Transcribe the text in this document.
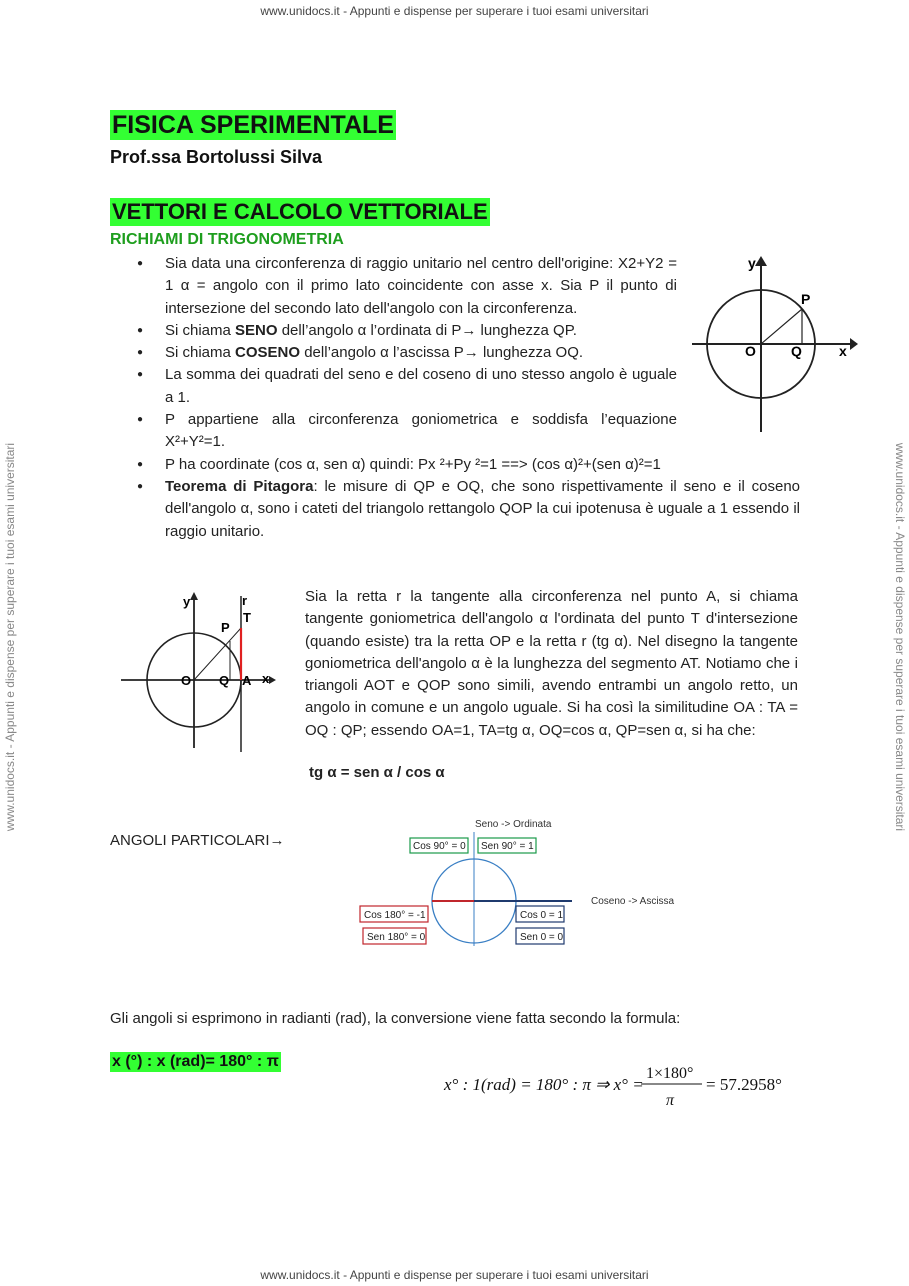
www.unidocs.it - Appunti e dispense per superare i tuoi esami universitari
www.unidocs.it - Appunti e dispense per superare i tuoi esami universitari
www.unidocs.it - Appunti e dispense per superare i tuoi esami universitari	www.unidocs.it - Appunti e dispense per superare i tuoi esami universitari
FISICA SPERIMENTALE
Prof.ssa Bortolussi Silva
VETTORI E CALCOLO VETTORIALE
RICHIAMI DI TRIGONOMETRIA
● Sia data una circonferenza di raggio unitario nel centro dell'origine: X2+Y2 = 1 α = angolo con il primo lato coincidente con asse x. Sia P il punto di intersezione del secondo lato dell'angolo con la circonferenza.
● Si chiama SENO dell’angolo α l’ordinata di P→ lunghezza QP.
● Si chiama COSENO dell’angolo α l’ascissa P→ lunghezza OQ.
● La somma dei quadrati del seno e del coseno di uno stesso angolo è uguale a 1.
● P appartiene alla circonferenza goniometrica e soddisfa l’equazione X²+Y²=1.
● P ha coordinate (cos α, sen α) quindi: Px ²+Py ²=1 ==> (cos α)²+(sen α)²=1
● Teorema di Pitagora: le misure di QP e OQ, che sono rispettivamente il seno e il coseno dell'angolo α, sono i cateti del triangolo rettangolo QOP la cui ipotenusa è uguale a 1 essendo il raggio unitario.
y
x
P
O	Q
y	r
T
P
O Q A x
Sia la retta r la tangente alla circonferenza nel punto A, si chiama tangente goniometrica dell'angolo α l'ordinata del punto T d'intersezione (quando esiste) tra la retta OP e la retta r (tg α). Nel disegno la tangente goniometrica dell'angolo α è la lunghezza del segmento AT. Notiamo che i triangoli AOT e QOP sono simili, avendo entrambi un angolo retto, un angolo in comune e un angolo uguale. Si ha così la similitudine OA : TA = OQ : QP; essendo OA=1, TA=tg α, OQ=cos α, QP=sen α, si ha che:
tg α = sen α / cos α
ANGOLI PARTICOLARI→
Seno -> Ordinata
Coseno -> Ascissa
Cos 90° = 0 Sen 90° = 1
Cos 180° = -1
Sen 180° = 0
Cos 0 = 1
Sen 0 = 0
Gli angoli si esprimono in radianti (rad), la conversione viene fatta secondo la formula:
x (°) : x (rad)= 180° : π
x° : 1(rad) = 180° : π ⇒ x° =
1×180°
π
= 57.2958°
